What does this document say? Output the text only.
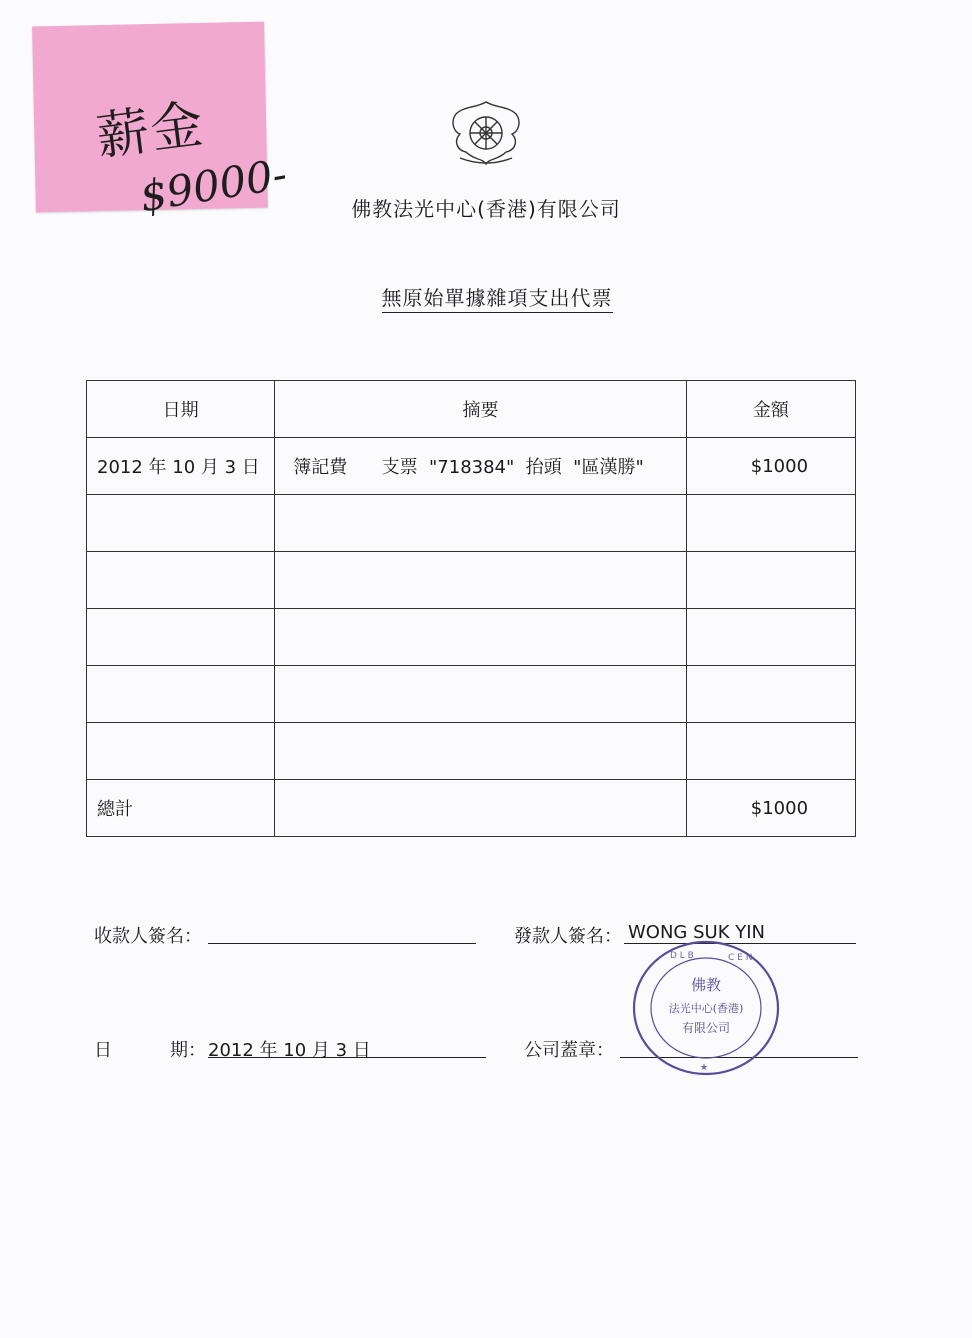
薪金
$9000-	佛教法光中心(香港)有限公司
無原始單據雜項支出代票
日期	摘要	金額
2012 年 10 月 3 日	簿記費      支票  "718384"  抬頭  "區漢勝"	$1000

總計		$1000
收款人簽名：	發款人簽名： WONG SUK YIN
日	期： 2012 年 10 月 3 日	公司蓋章：
佛教
法光中心(香港)
有限公司
D L B	C E N
★
